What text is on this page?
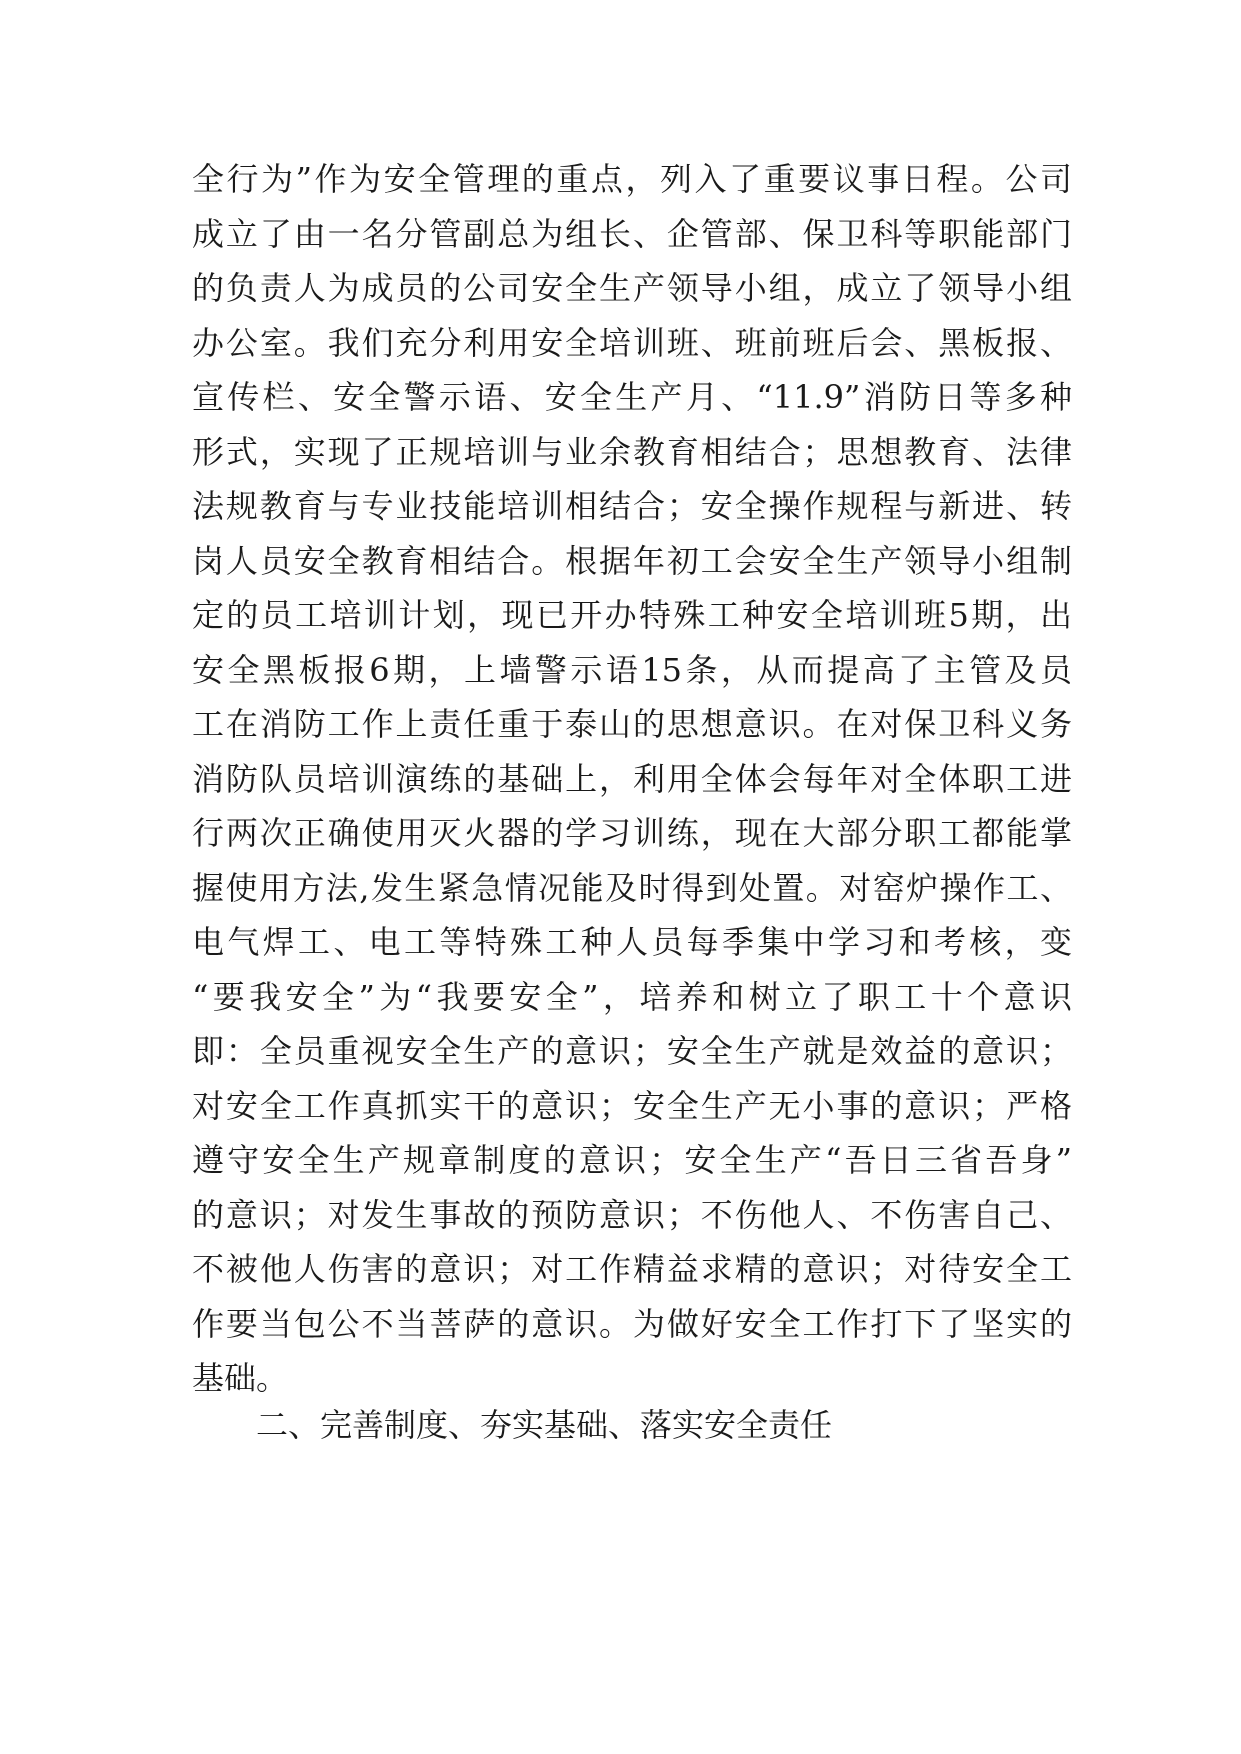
全行为”作为安全管理的重点，列入了重要议事日程。公司
成立了由一名分管副总为组长、企管部、保卫科等职能部门
的负责人为成员的公司安全生产领导小组，成立了领导小组
办公室。我们充分利用安全培训班、班前班后会、黑板报、
宣传栏、安全警示语、安全生产月、“11.9”消防日等多种
形式，实现了正规培训与业余教育相结合；思想教育、法律
法规教育与专业技能培训相结合；安全操作规程与新进、转
岗人员安全教育相结合。根据年初工会安全生产领导小组制
定的员工培训计划，现已开办特殊工种安全培训班5期，出
安全黑板报6期，上墙警示语15条，从而提高了主管及员
工在消防工作上责任重于泰山的思想意识。在对保卫科义务
消防队员培训演练的基础上，利用全体会每年对全体职工进
行两次正确使用灭火器的学习训练，现在大部分职工都能掌
握使用方法,发生紧急情况能及时得到处置。对窑炉操作工、
电气焊工、电工等特殊工种人员每季集中学习和考核，变
“要我安全”为“我要安全”，培养和树立了职工十个意识
即：全员重视安全生产的意识；安全生产就是效益的意识；
对安全工作真抓实干的意识；安全生产无小事的意识；严格
遵守安全生产规章制度的意识；安全生产“吾日三省吾身”
的意识；对发生事故的预防意识；不伤他人、不伤害自己、
不被他人伤害的意识；对工作精益求精的意识；对待安全工
作要当包公不当菩萨的意识。为做好安全工作打下了坚实的
基础。
二、完善制度、夯实基础、落实安全责任
